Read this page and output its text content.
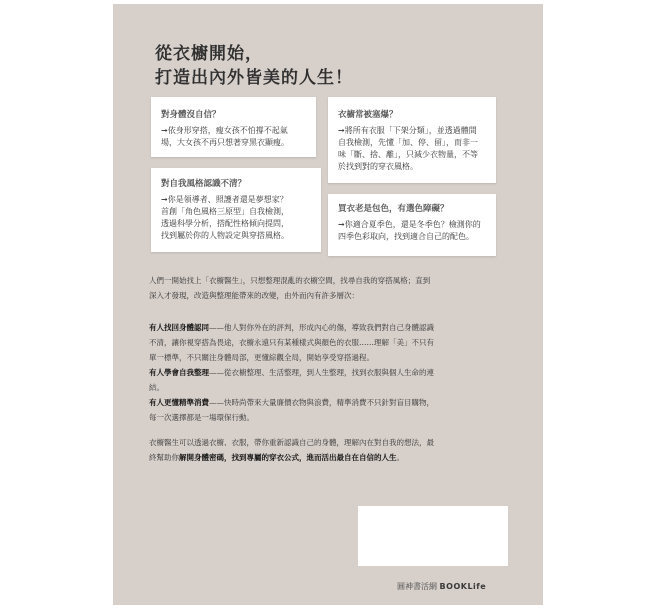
從衣櫥開始，
打造出內外皆美的人生！
對身體沒自信？
➞依身形穿搭，瘦女孩不怕撐不起氣
場，大女孩不再只想著穿黑衣顯瘦。
衣櫥常被塞爆？
➞將所有衣服「下架分類」，並透過體間
自我檢測，先懂「加、停、留」，而非一
味「斷、捨、離」，只減少衣物量，不等
於找到對的穿衣風格。
對自我風格認識不清？
➞你是領導者、照護者還是夢想家？
首創「角色風格三原型」自我檢測，
透過科學分析，搭配性格傾向提問，
找到屬於你的人物設定與穿搭風格。
買衣老是包色，有選色障礙？
➞你適合夏季色，還是冬季色？檢測你的
四季色彩取向，找到適合自己的配色。
人們一開始找上「衣櫥醫生」，只想整理混亂的衣櫥空間，找尋自我的穿搭風格；直到
深入才發現，改造與整理能帶來的改變，由外而內有許多層次：
有人找回身體認同——他人對你外在的評判，形成內心的傷，導致我們對自己身體認識
不清，讓你視穿搭為畏途，衣櫥永遠只有某種樣式與顏色的衣服……理解「美」不只有
單一標準，不只關注身體局部，更懂綜觀全局，開始享受穿搭過程。
有人學會自我整理——從衣櫥整理、生活整理，到人生整理，找到衣服與個人生命的連
結。
有人更懂精準消費——快時尚帶來大量廉價衣物與浪費，精準消費不只針對盲目購物，
每一次選擇都是一場環保行動。
衣櫥醫生可以透過衣櫥、衣服，帶你重新認識自己的身體，理解內在對自我的想法，最
終幫助你解開身體密碼，找到專屬的穿衣公式，進而活出最自在自信的人生。
圓神書活網 BOOKLife
